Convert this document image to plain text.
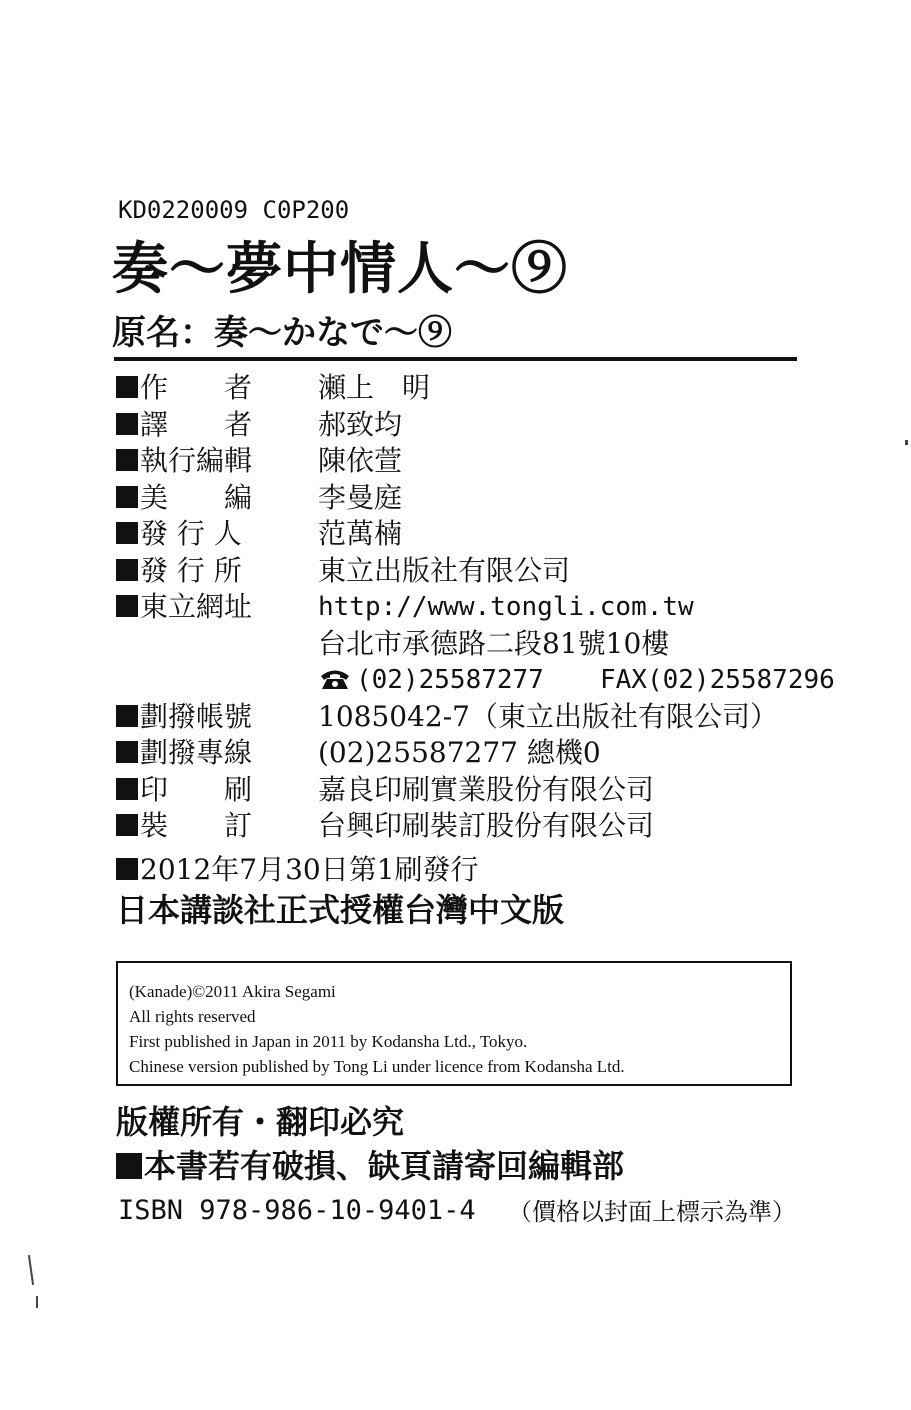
KD0220009 C0P200
奏～夢中情人～⑨
原名：奏～かなで～⑨
作　　者 瀬上　明
譯　　者 郝致均
執行編輯 陳依萱
美　　編 李曼庭
發 行 人	范萬楠
發 行 所	東立出版社有限公司
東立網址	http://www.tongli.com.tw
台北市承德路二段81號10樓
(02)25587277 FAX(02)25587296
劃撥帳號 1085042-7（東立出版社有限公司）
劃撥專線 (02)25587277 總機0
印　　刷 嘉良印刷實業股份有限公司
裝　　訂 台興印刷裝訂股份有限公司
2012年7月30日第1刷發行
日本講談社正式授權台灣中文版
(Kanade)©2011 Akira Segami
All rights reserved
First published in Japan in 2011 by Kodansha Ltd., Tokyo.
Chinese version published by Tong Li under licence from Kodansha Ltd.
版權所有・翻印必究
本書若有破損、缺頁請寄回編輯部
ISBN 978-986-10-9401-4 （價格以封面上標示為準）
